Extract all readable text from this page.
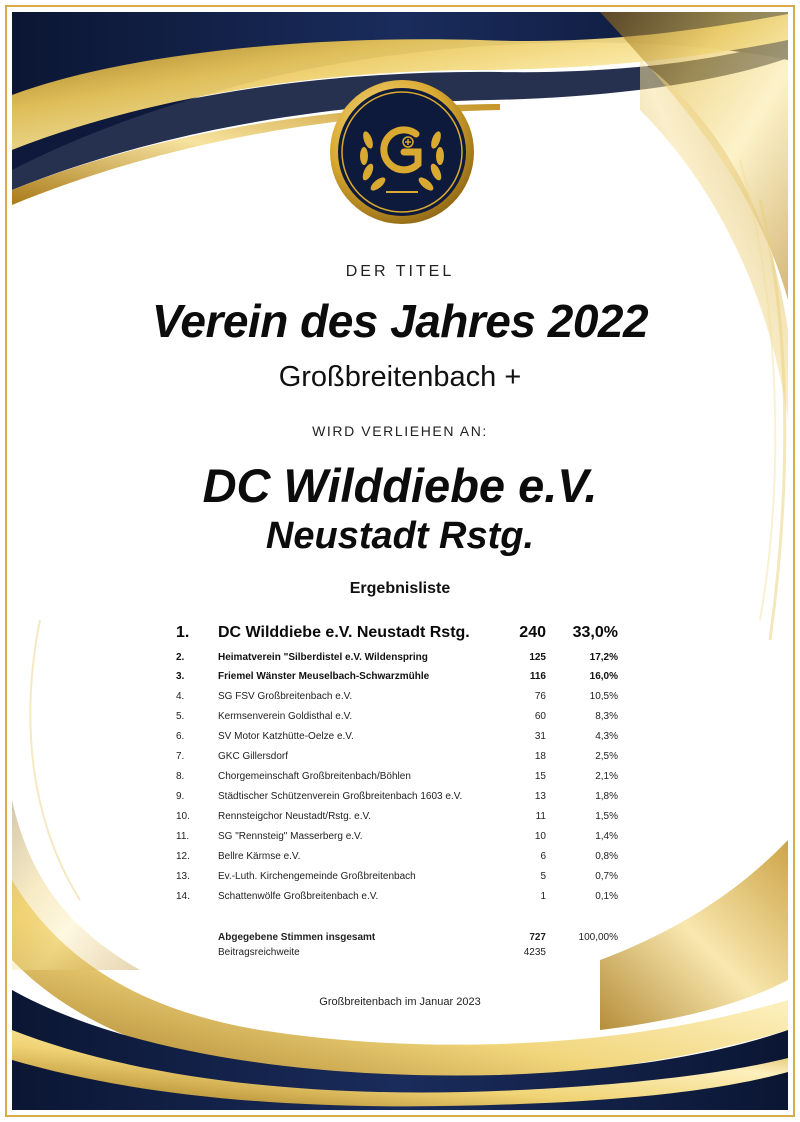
DER TITEL
Verein des Jahres 2022
Großbreitenbach +
WIRD VERLIEHEN AN:
DC Wilddiebe e.V.
Neustadt Rstg.
Ergebnisliste
1. DC Wilddiebe e.V. Neustadt Rstg.	240 33,0%
2.	Heimatverein "Silberdistel e.V. Wildenspring	125	17,2%
3.	Friemel Wänster Meuselbach-Schwarzmühle	116	16,0%
4.	SG FSV Großbreitenbach e.V.	76	10,5%
5.	Kermsenverein Goldisthal e.V.	60	8,3%
6.	SV Motor Katzhütte-Oelze e.V.	31	4,3%
7.	GKC Gillersdorf	18	2,5%
8.	Chorgemeinschaft Großbreitenbach/Böhlen	15	2,1%
9.	Städtischer Schützenverein Großbreitenbach 1603 e.V.	13	1,8%
10.	Rennsteigchor Neustadt/Rstg. e.V.	11	1,5%
11.	SG "Rennsteig" Masserberg e.V.	10	1,4%
12.	Bellre Kärmse e.V.	6	0,8%
13.	Ev.-Luth. Kirchengemeinde Großbreitenbach	5	0,7%
14.	Schattenwölfe Großbreitenbach e.V.	1	0,1%
Abgegebene Stimmen insgesamt	727	100,00%
Beitragsreichweite	4235
Großbreitenbach im Januar 2023
